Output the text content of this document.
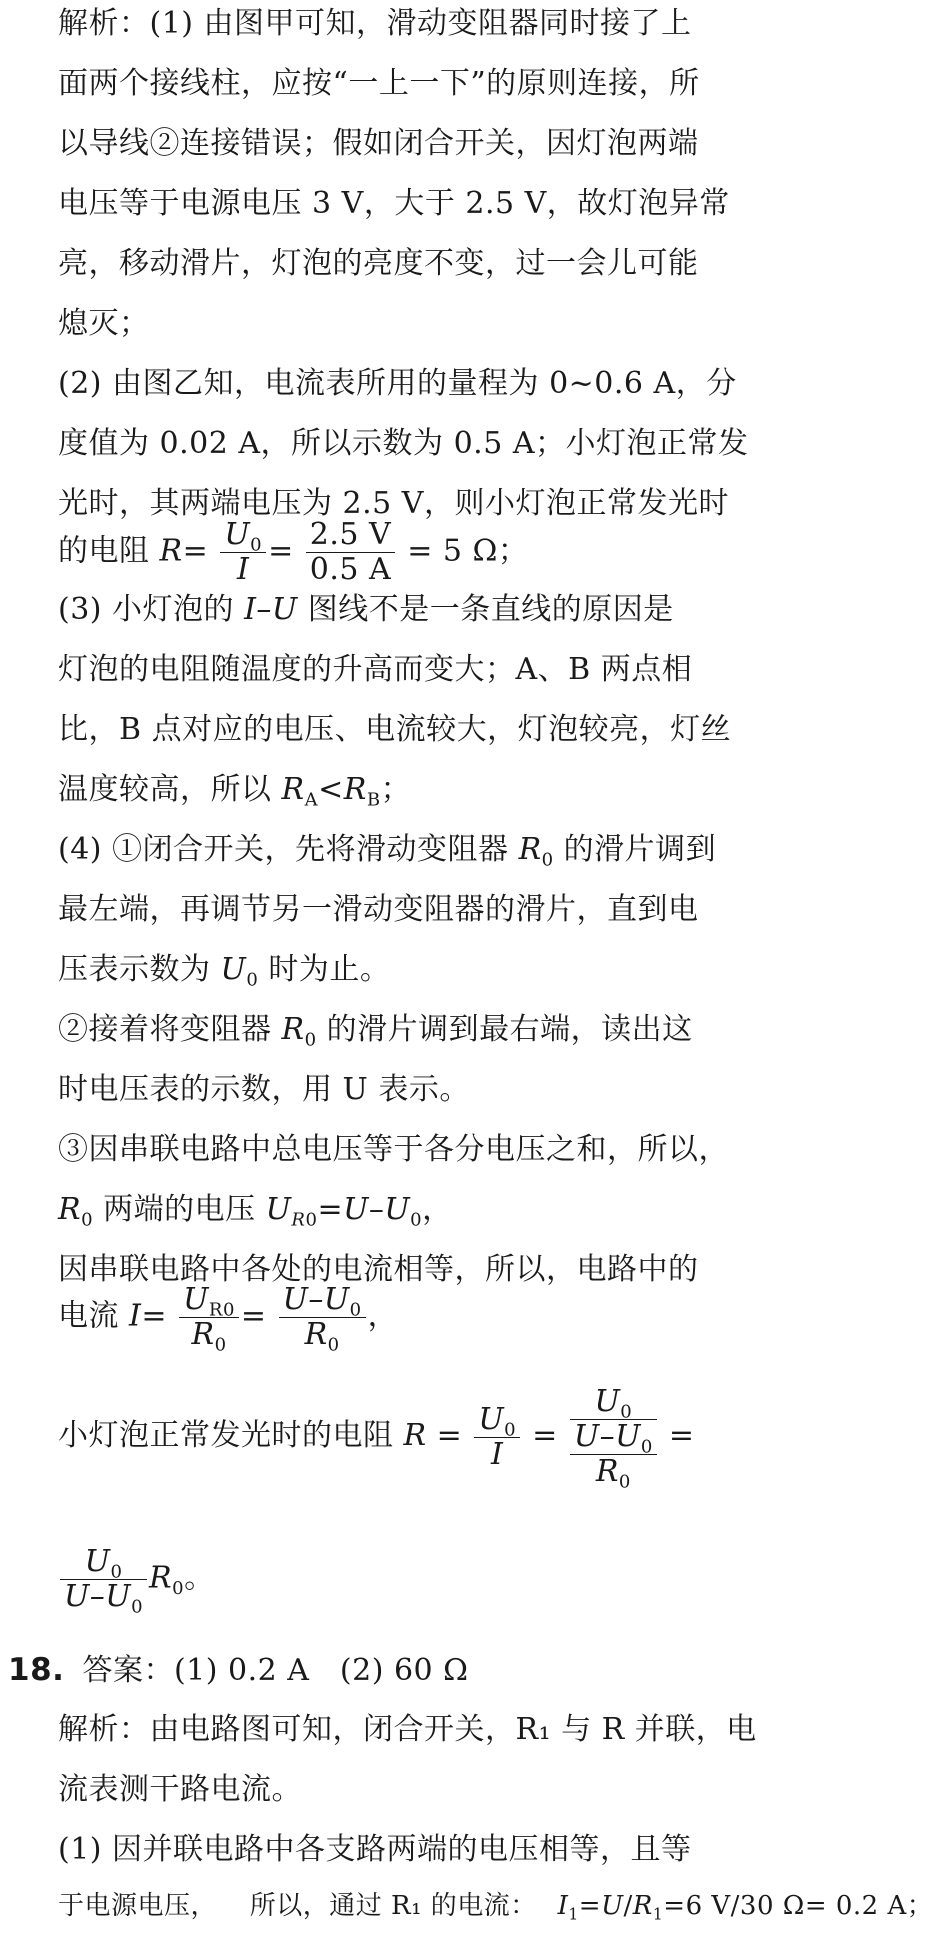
解析：(1) 由图甲可知，滑动变阻器同时接了上
面两个接线柱，应按“一上一下”的原则连接，所
以导线②连接错误；假如闭合开关，因灯泡两端
电压等于电源电压 3 V，大于 2.5 V，故灯泡异常
亮，移动滑片，灯泡的亮度不变，过一会儿可能
熄灭；
(2) 由图乙知，电流表所用的量程为 0~0.6 A，分
度值为 0.02 A，所以示数为 0.5 A；小灯泡正常发
光时，其两端电压为 2.5 V，则小灯泡正常发光时
的电阻 $R= \frac{U_0}{I} = \frac{2.5 V}{0.5 A} = 5$ Ω；
(3) 小灯泡的 I–U 图线不是一条直线的原因是
灯泡的电阻随温度的升高而变大；A、B 两点相
比，B 点对应的电压、电流较大，灯泡较亮，灯丝
温度较高，所以 $R_A<R_B$；
(4) ①闭合开关，先将滑动变阻器 $R_0$ 的滑片调到
最左端，再调节另一滑动变阻器的滑片，直到电
压表示数为 $U_0$ 时为止。
②接着将变阻器 $R_0$ 的滑片调到最右端，读出这
时电压表的示数，用 U 表示。
③因串联电路中总电压等于各分电压之和，所以，
$R_0$ 两端的电压 $U_{R0}=U-U_0$，
因串联电路中各处的电流相等，所以，电路中的
电流 $I= \frac{U_{R0}}{R_0} = \frac{U-U_0}{R_0}$ ，
小灯泡正常发光时的电阻 $R = \frac{U_0}{I} = \frac{U_0}{\frac{U-U_0}{R_0}}$ =
$\frac{U_0}{U-U_0} R_0$。
18. 答案：(1) 0.2 A　(2) 60 Ω
解析：由电路图可知，闭合开关，R₁ 与 R 并联，电
流表测干路电流。
(1) 因并联电路中各支路两端的电压相等，且等
于电源电压， 所以，通过 R₁ 的电流： $I_1=U/R_1=6$ V/30 Ω= 0.2 A；
